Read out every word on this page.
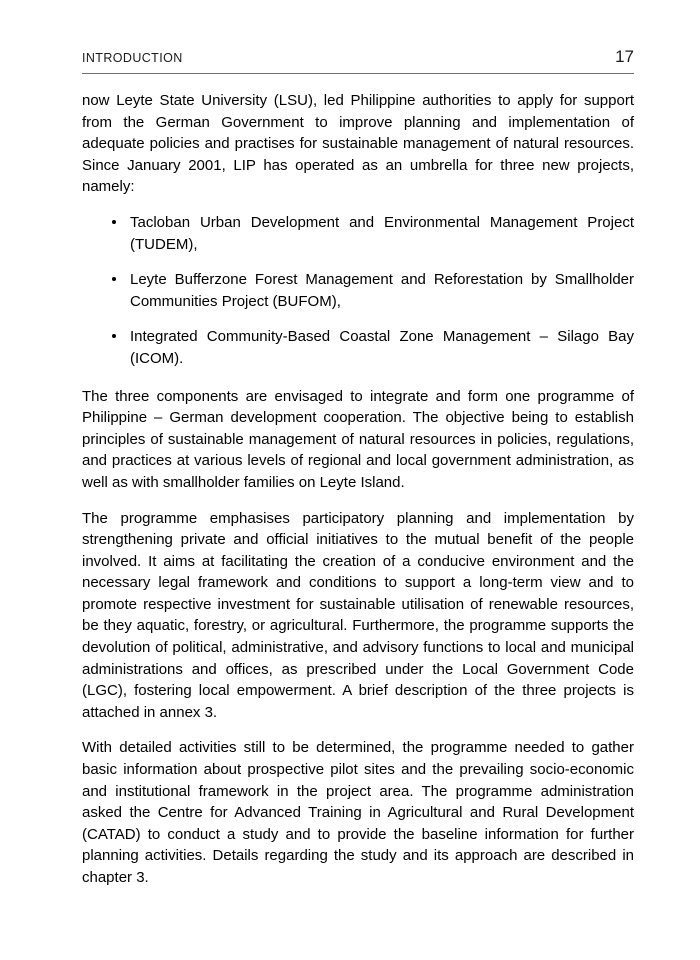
INTRODUCTION	17

now Leyte State University (LSU), led Philippine authorities to apply for support from the German Government to improve planning and implementation of adequate policies and practises for sustainable management of natural resources. Since January 2001, LIP has operated as an umbrella for three new projects, namely:

Tacloban Urban Development and Environmental Management Project (TUDEM),
Leyte Bufferzone Forest Management and Reforestation by Smallholder Communities Project (BUFOM),
Integrated Community-Based Coastal Zone Management – Silago Bay (ICOM).

The three components are envisaged to integrate and form one programme of Philippine – German development cooperation. The objective being to establish principles of sustainable management of natural resources in policies, regulations, and practices at various levels of regional and local government administration, as well as with smallholder families on Leyte Island.

The programme emphasises participatory planning and implementation by strengthening private and official initiatives to the mutual benefit of the people involved. It aims at facilitating the creation of a conducive environment and the necessary legal framework and conditions to support a long-term view and to promote respective investment for sustainable utilisation of renewable resources, be they aquatic, forestry, or agricultural. Furthermore, the programme supports the devolution of political, administrative, and advisory functions to local and municipal administrations and offices, as prescribed under the Local Government Code (LGC), fostering local empowerment. A brief description of the three projects is attached in annex 3.

With detailed activities still to be determined, the programme needed to gather basic information about prospective pilot sites and the prevailing socio-economic and institutional framework in the project area. The programme administration asked the Centre for Advanced Training in Agricultural and Rural Development (CATAD) to conduct a study and to provide the baseline information for further planning activities. Details regarding the study and its approach are described in chapter 3.
